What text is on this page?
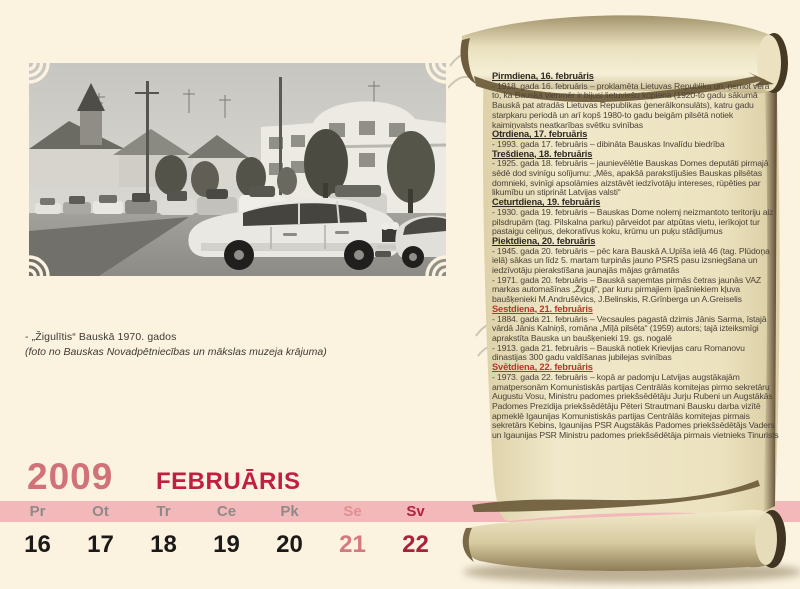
- „Žigulītis“ Bauskā 1970. gados
(foto no Bauskas Novadpētniecības un mākslas muzeja krājuma)
2009 FEBRUĀRIS
Pr	Ot	Tr	Ce	Pk	Se	Sv
16	17	18	19	20	21	22
Pirmdiena, 16. februāris
- 1918. gada 16. februāris – proklamēta Lietuvas Republika un, ņemot vērā to, ka Bauskā vienmēr ir bijusi lietuviešu kopiena (1920-to gadu sākumā Bauskā pat atradās Lietuvas Republikas ģenerālkonsulāts), katru gadu starpkaru periodā un arī kopš 1980-to gadu beigām pilsētā notiek kaimiņvalsts neatkarības svētku svinības
Otrdiena, 17. februāris
- 1993. gada 17. februāris – dibināta Bauskas Invalīdu biedrība
Trešdiena, 18. februāris
- 1925. gada 18. februāris – jaunievēlētie Bauskas Domes deputāti pirmajā sēdē dod svinīgu solījumu: „Mēs, apakšā parakstījušies Bauskas pilsētas domnieki, svinīgi apsolāmies aizstāvēt iedzīvotāju intereses, rūpēties par likumību un stiprināt Latvijas valsti“
Ceturtdiena, 19. februāris
- 1930. gada 19. februāris – Bauskas Dome nolemj neizmantoto teritoriju aiz pilsdrupām (tag. Pilskalna parku) pārveidot par atpūtas vietu, ierīkojot tur pastaigu celiņus, dekoratīvus koku, krūmu un puķu stādījumus
Piektdiena, 20. februāris
- 1945. gada 20. februāris – pēc kara Bauskā A.Upīša ielā 46 (tag. Plūdoņa ielā) sākas un līdz 5. martam turpinās jauno PSRS pasu izsniegšana un iedzīvotāju pierakstīšana jaunajās mājas grāmatās
- 1971. gada 20. februāris – Bauskā saņemtas pirmās četras jaunās VAZ markas automašīnas „Žiguļi“, par kuru pirmajiem īpašniekiem kļuva baušķenieki M.Andrušēvics, J.Belinskis, R.Grīnberga un A.Greiselis
Sestdiena, 21. februāris
- 1884. gada 21. februāris – Vecsaules pagastā dzimis Jānis Sarma, īstajā vārdā Jānis Kalniņš, romāna „Mīļā pilsēta“ (1959) autors; tajā izteiksmīgi aprakstīta Bauska un baušķenieki 19. gs. nogalē
- 1913. gada 21. februāris – Bauskā notiek Krievijas caru Romanovu dinastijas 300 gadu valdīšanas jubilejas svinības
Svētdiena, 22. februāris
- 1973. gada 22. februāris – kopā ar padomju Latvijas augstākajām amatpersonām Komunistiskās partijas Centrālās komitejas pirmo sekretāru Augustu Vosu, Ministru padomes priekšsēdētāju Jurju Rubeni un Augstākās Padomes Prezidija priekšsēdētāju Pēteri Strautmani Bausku darba vizītē apmeklē Igaunijas Komunistiskās partijas Centrālās komitejas pirmais sekretārs Kebins, Igaunijas PSR Augstākās Padomes priekšsēdētājs Vaders un Igaunijas PSR Ministru padomes priekšsēdētāja pirmais vietnieks Tinurists
